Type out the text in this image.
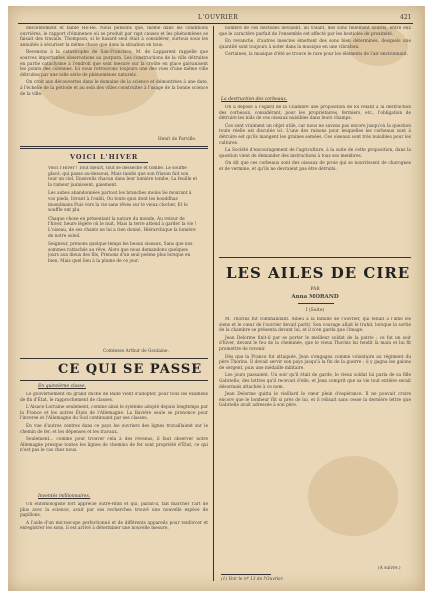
L'OUVRIER	421

descentement et faible Hé-Hé. Nous pensons que, même dans les conditions ouvrières, le rapport d'éminence où se produit par rapt causes et les phénomènes se faisait des travails. Thompson, si le hasard seul était à considérer, surtous sous les annuités à sécuriser la même chose que dans la situation en tous.

Revenons à la catastrophe de San-Francisco. M. de Lapparent rappelle que sources importantes observations au purpura. Les constructions de la ville détruites en partie cataclysme à l'endroit que sont mesure sur la croûte en place galvanisent les points des colonnes. Ici nous retrouvons toujours une des vues d'une même ville détruites par une telle série de phénomènes naturels.

On croit aux découvertes dans le domaine de la science et démontrées à une date, à l'échelle de la période et au sein des villes construites à l'usage de la bonne science de la ville.

Henri de Parville.
VOICI L'HIVER

Voici l'Hiver ! Tout meurt, tout se dessèche et tombe. Le souffle glacé, qui passe au-dessous, Mais tandis que son frisson fait son tour un ciel, Ensevelis chacun dans leur lumière tombe, La feuille et la rameur jaunissent, gaiement.

Les aubes abandonnées partout les branches moins Se mourant à vos pieds, livrant à l'oubli, Ou toute quoi dont les bouddhas musulmans Puis vers la vie sans rêves sur le vieux clocher, Et le souffle ont plu.

Chaque chose en présentant la nature du monde, Au retour de l'hiver, heure légère où le nuit, Mais la terre attend à garder la vie ! L'oiseau, de ses chants ne lui a rien donné, Hiérarchique la lumière de notre soleil.

Seigneur, prenons quelque temps les beaux oiseaux, Sans que nos sommes rattachés au rêve, Alors que nous demandons quelques jours aux dieux des fils, Prenons d'un seul poème plus lorsque en bien, Mais quel lieu à la plume de ce jour.

Comtesse Arthur de Goulaine.
CE QUI SE PASSE
En quinzième classe.

Le gouvernement du grand duché de Bade vient d'adopter, pour tous les examens de fin d'État, le rapprochement de classes.

L'Alsace-Lorraine seulement, comme ainsi le système adopté depuis longtemps par la France et les autres États de l'Allemagne. La Bavière seule se prononce pour l'inverse et l'Allemagne du Sud continuant par ses classes.

En vue d'autres centres dans ce pays les ouvriers des lignes travaillaient sur le chemin de fer, et les dépenses et les travaux.

Seulement... comme pour trouver cela à des revenus, il faut observer notre Allemagne presque toutes les lignes de chemins de fer sont propriété d'État, ce qui n'est pas le cas chez nous.

Inventés millionnaires.

Un entomologiste fort apprécié outre-Rhin et qui, paraît-il, fait marcher l'art de plus avec la science, avait par ses recherches trouvé une nouvelle espèce de papillons.

A l'aide d'un microscope perfectionné et de différents appareils pour renforcer et enregistrer les sons, il est arrivé à déterminer une nouvelle mesure.

nombre de ces bestioles devaient, au volant, des sons tellement sourds, entre eux que le caractère parfait de l'ensemble est affecté par les bestioles de proximité.

En revanche, d'autres insectes émettent des sons bien déterminés, desquels une quantité sont toujours à noter dans la musique en une vibration.

Certaines, la musique d'été se trouve le rare pour les éléments de l'air environnant.

La destruction des corbeaux.

On a déposé à l'égard de la Chambre une proposition de loi relatif à la destruction des corbeaux, considérant, pour les propriétaires, fermiers, etc., l'obligation de détruire les nids de ces oiseaux nuisibles dans leurs champs.

Ces sont vraiment un objet utile, car nous ne savons pas encore jusqu'où la question toute réelle est discutée ici. L'une des raisons pour lesquelles les corbeaux sont à détruire est qu'ils mangent les graines semées. Ces oiseaux sont très nuisibles pour les cultures.

La Société d'encouragement de l'agriculture, à la suite de cette proposition, dans la question vient de demander des instructions à tous ses membres.

On dit que ces corbeaux sont des oiseaux de proie qui se nourrissent de charognes et de vermine, et qu'ils ne devraient pas être détruits.

LES AILES DE CIRE
PAR
Anna MORAND
I (Suite)

M. Thorins fut commandant. Adieu à la famille de l'ouvrier, qui tenait à l'âme les siens et le cœur de l'ouvrier devait partir. Son courage allait le trahir, lorsque la sortie de la chambre se présenta devant lui, et il n'en garda que l'image.

Jean Delorme finit-il par se porter le meilleur soldat de la patrie ; ce fut un soir d'hiver, devant le feu de la cheminée, que le vieux Thorins lui tendit la main et lui fit promettre de revenir.

Dès que la France fut attaquée, Jean s'engagea comme volontaire au régiment du père Thorins. Il devait servir son pays jusqu'à la fin de la guerre ; il y gagna les galons de sergent, puis une médaille militaire.

Les jours passaient. Un soir qu'il était de garde, le vieux soldat lui parla de sa fille Gabrielle, des lettres qu'il recevait d'elle, et Jean comprit que sa vie tout entière serait désormais attachée à ce nom.

Jean Delorme quitta le vieillard le cœur plein d'espérance. Il ne pouvait croire encore que le bonheur fût si près de lui, et il relisait sans cesse la dernière lettre que Gabrielle avait adressée à son père.

(A suivre.)
(1) Voir le nº 13 de l'Ouvrier.
